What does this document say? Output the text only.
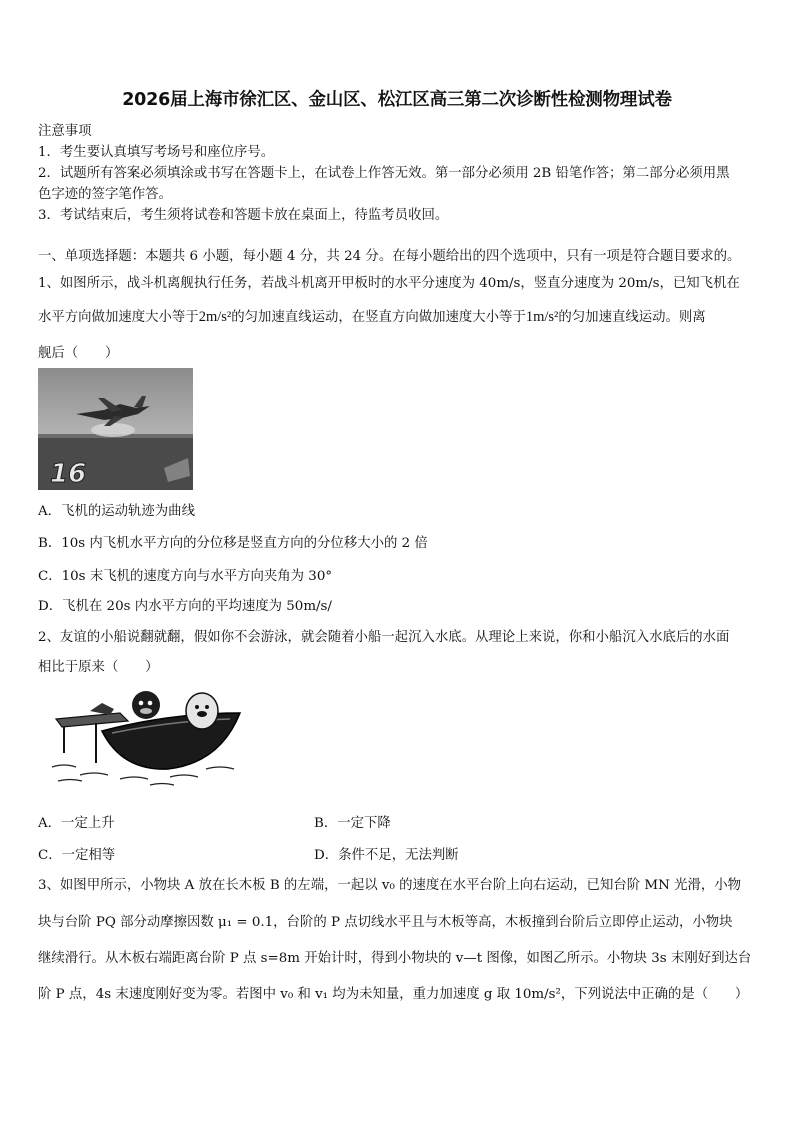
2026届上海市徐汇区、金山区、松江区高三第二次诊断性检测物理试卷
注意事项
1．考生要认真填写考场号和座位序号。
2．试题所有答案必须填涂或书写在答题卡上，在试卷上作答无效。第一部分必须用 2B 铅笔作答；第二部分必须用黑
色字迹的签字笔作答。
3．考试结束后，考生须将试卷和答题卡放在桌面上，待监考员收回。
一、单项选择题：本题共 6 小题，每小题 4 分，共 24 分。在每小题给出的四个选项中，只有一项是符合题目要求的。
1、如图所示，战斗机离舰执行任务，若战斗机离开甲板时的水平分速度为 40m/s，竖直分速度为 20m/s，已知飞机在
水平方向做加速度大小等于2m/s²的匀加速直线运动，在竖直方向做加速度大小等于1m/s²的匀加速直线运动。则离
舰后（　　）
16
A．飞机的运动轨迹为曲线
B．10s 内飞机水平方向的分位移是竖直方向的分位移大小的 2 倍
C．10s 末飞机的速度方向与水平方向夹角为 30°
D．飞机在 20s 内水平方向的平均速度为 50m/s/
2、友谊的小船说翻就翻，假如你不会游泳，就会随着小船一起沉入水底。从理论上来说，你和小船沉入水底后的水面
相比于原来（　　）
A．一定上升	B．一定下降
C．一定相等	D．条件不足，无法判断
3、如图甲所示，小物块 A 放在长木板 B 的左端，一起以 v₀ 的速度在水平台阶上向右运动，已知台阶 MN 光滑，小物
块与台阶 PQ 部分动摩擦因数 μ₁ = 0.1，台阶的 P 点切线水平且与木板等高，木板撞到台阶后立即停止运动，小物块
继续滑行。从木板右端距离台阶 P 点 s=8m 开始计时，得到小物块的 v—t 图像，如图乙所示。小物块 3s 末刚好到达台
阶 P 点，4s 末速度刚好变为零。若图中 v₀ 和 v₁ 均为未知量，重力加速度 g 取 10m/s²，下列说法中正确的是（　　）
